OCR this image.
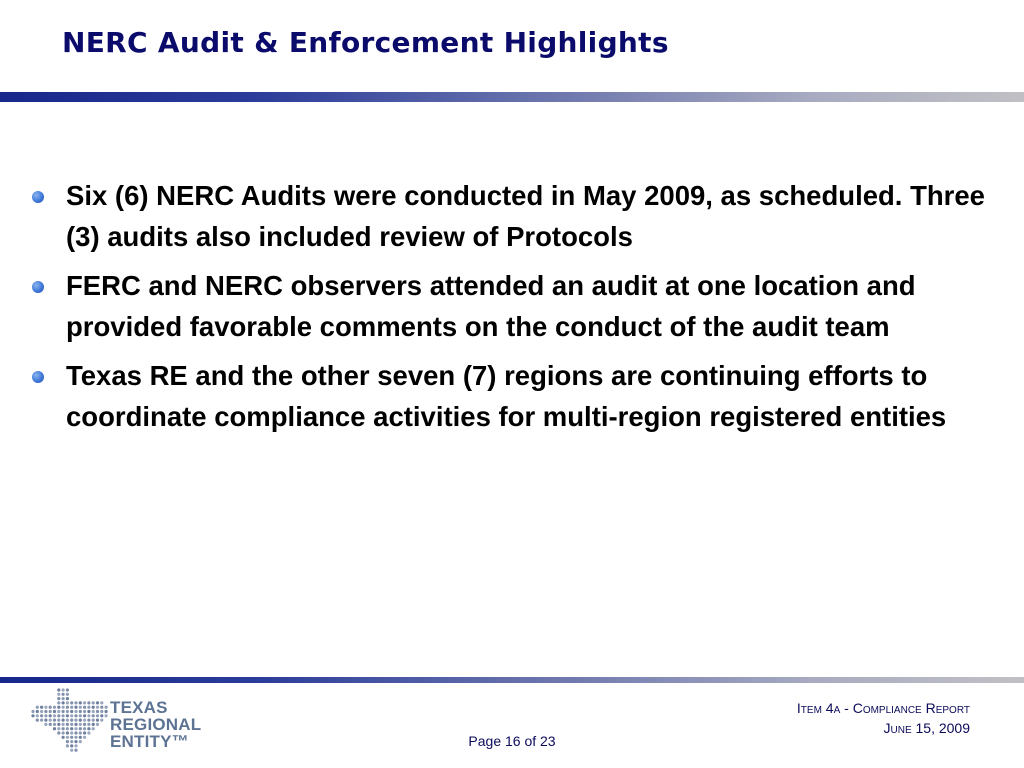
NERC Audit & Enforcement Highlights
Six (6) NERC Audits were conducted in May 2009, as scheduled. Three (3) audits also included review of Protocols
FERC and NERC observers attended an audit at one location and provided favorable comments on the conduct of the audit team
Texas RE and the other seven (7) regions are continuing efforts to coordinate compliance activities for multi-region registered entities
TEXAS
REGIONAL
ENTITY™	Page 16 of 23
Item 4a - Compliance Report
June 15, 2009
